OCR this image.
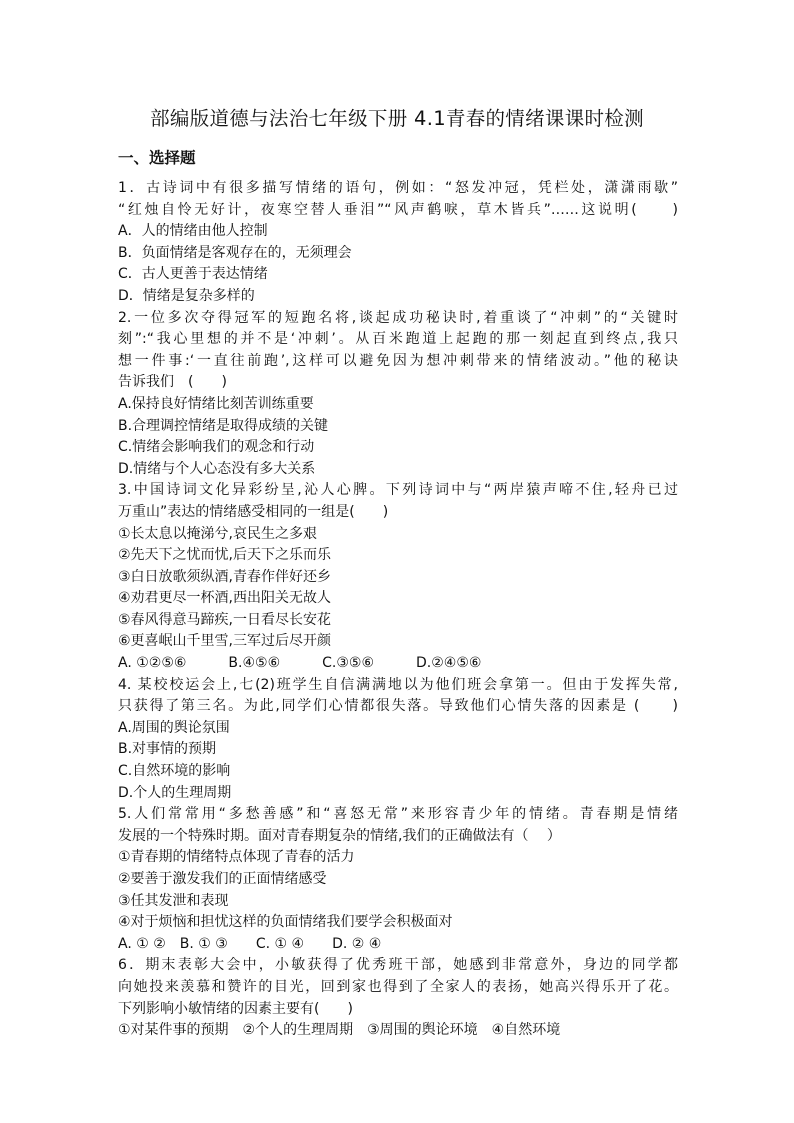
部编版道德与法治七年级下册 4.1青春的情绪课课时检测
一、选择题
1．古诗词中有很多描写情绪的语句，例如：“怒发冲冠，凭栏处，潇潇雨歇”
“红烛自怜无好计，夜寒空替人垂泪”“风声鹤唳，草木皆兵”……这说明(　　)
A．人的情绪由他人控制
B．负面情绪是客观存在的，无须理会
C．古人更善于表达情绪
D．情绪是复杂多样的
2.一位多次夺得冠军的短跑名将,谈起成功秘诀时,着重谈了“冲刺”的“关键时
刻”:“我心里想的并不是‘冲刺’。从百米跑道上起跑的那一刻起直到终点,我只
想一件事:‘一直往前跑’,这样可以避免因为想冲刺带来的情绪波动。”他的秘诀
告诉我们　(　　)
A.保持良好情绪比刻苦训练重要
B.合理调控情绪是取得成绩的关键
C.情绪会影响我们的观念和行动
D.情绪与个人心态没有多大关系
3.中国诗词文化异彩纷呈,沁人心脾。下列诗词中与“两岸猿声啼不住,轻舟已过
万重山”表达的情绪感受相同的一组是(　　)
①长太息以掩涕兮,哀民生之多艰
②先天下之忧而忧,后天下之乐而乐
③白日放歌须纵酒,青春作伴好还乡
④劝君更尽一杯酒,西出阳关无故人
⑤春风得意马蹄疾,一日看尽长安花
⑥更喜岷山千里雪,三军过后尽开颜
A. ①②⑤⑥　　　B.④⑤⑥　　　C.③⑤⑥　　　D.②④⑤⑥
4. 某校校运会上,七(2)班学生自信满满地以为他们班会拿第一。但由于发挥失常,
只获得了第三名。为此,同学们心情都很失落。导致他们心情失落的因素是 (　　)
A.周围的舆论氛围
B.对事情的预期
C.自然环境的影响
D.个人的生理周期
5.人们常常用“多愁善感”和“喜怒无常”来形容青少年的情绪。青春期是情绪
发展的一个特殊时期。面对青春期复杂的情绪,我们的正确做法有（　 ）
①青春期的情绪特点体现了青春的活力
②要善于激发我们的正面情绪感受
③任其发泄和表现
④对于烦恼和担忧这样的负面情绪我们要学会积极面对
A. ① ②　B. ① ③　　C. ① ④　　D. ② ④
6．期末表彰大会中，小敏获得了优秀班干部，她感到非常意外，身边的同学都
向她投来羡慕和赞许的目光，回到家也得到了全家人的表扬，她高兴得乐开了花。
下列影响小敏情绪的因素主要有(　　)
①对某件事的预期　②个人的生理周期　③周围的舆论环境　④自然环境
